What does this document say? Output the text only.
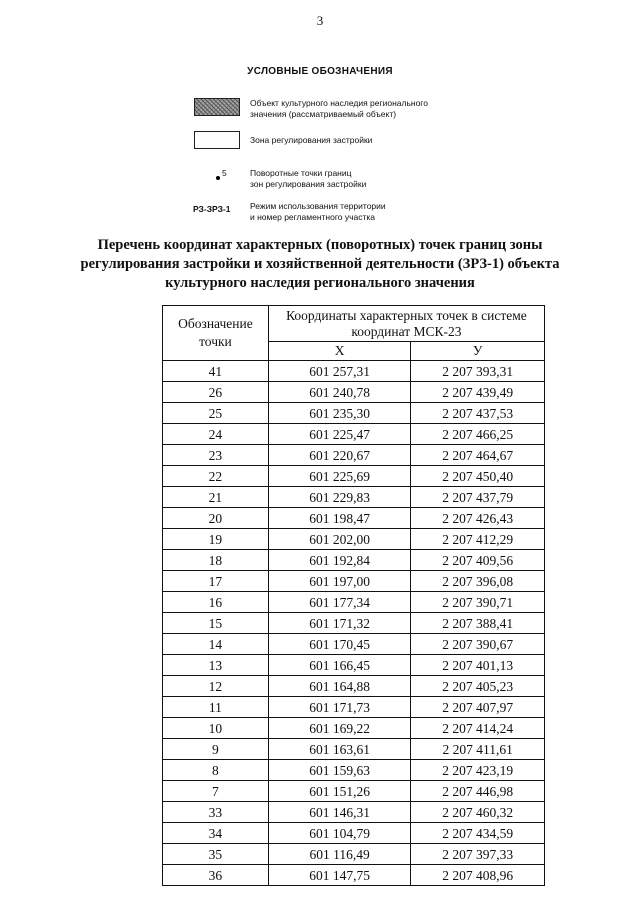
3
УСЛОВНЫЕ ОБОЗНАЧЕНИЯ
Объект культурного наследия регионального
значения (рассматриваемый объект)
Зона регулирования застройки
5	Поворотные точки границ
зон регулирования застройки
РЗ-ЗРЗ-1 Режим использования территории
и номер регламентного участка
Перечень координат характерных (поворотных) точек границ зоны
регулирования застройки и хозяйственной деятельности (ЗРЗ-1) объекта
культурного наследия регионального значения
Обозначение точки	Координаты характерных точек в системе координат МСК-23	
	X	У
41	601 257,31	2 207 393,31
26	601 240,78	2 207 439,49
25	601 235,30	2 207 437,53
24	601 225,47	2 207 466,25
23	601 220,67	2 207 464,67
22	601 225,69	2 207 450,40
21	601 229,83	2 207 437,79
20	601 198,47	2 207 426,43
19	601 202,00	2 207 412,29
18	601 192,84	2 207 409,56
17	601 197,00	2 207 396,08
16	601 177,34	2 207 390,71
15	601 171,32	2 207 388,41
14	601 170,45	2 207 390,67
13	601 166,45	2 207 401,13
12	601 164,88	2 207 405,23
11	601 171,73	2 207 407,97
10	601 169,22	2 207 414,24
9	601 163,61	2 207 411,61
8	601 159,63	2 207 423,19
7	601 151,26	2 207 446,98
33	601 146,31	2 207 460,32
34	601 104,79	2 207 434,59
35	601 116,49	2 207 397,33
36	601 147,75	2 207 408,96
